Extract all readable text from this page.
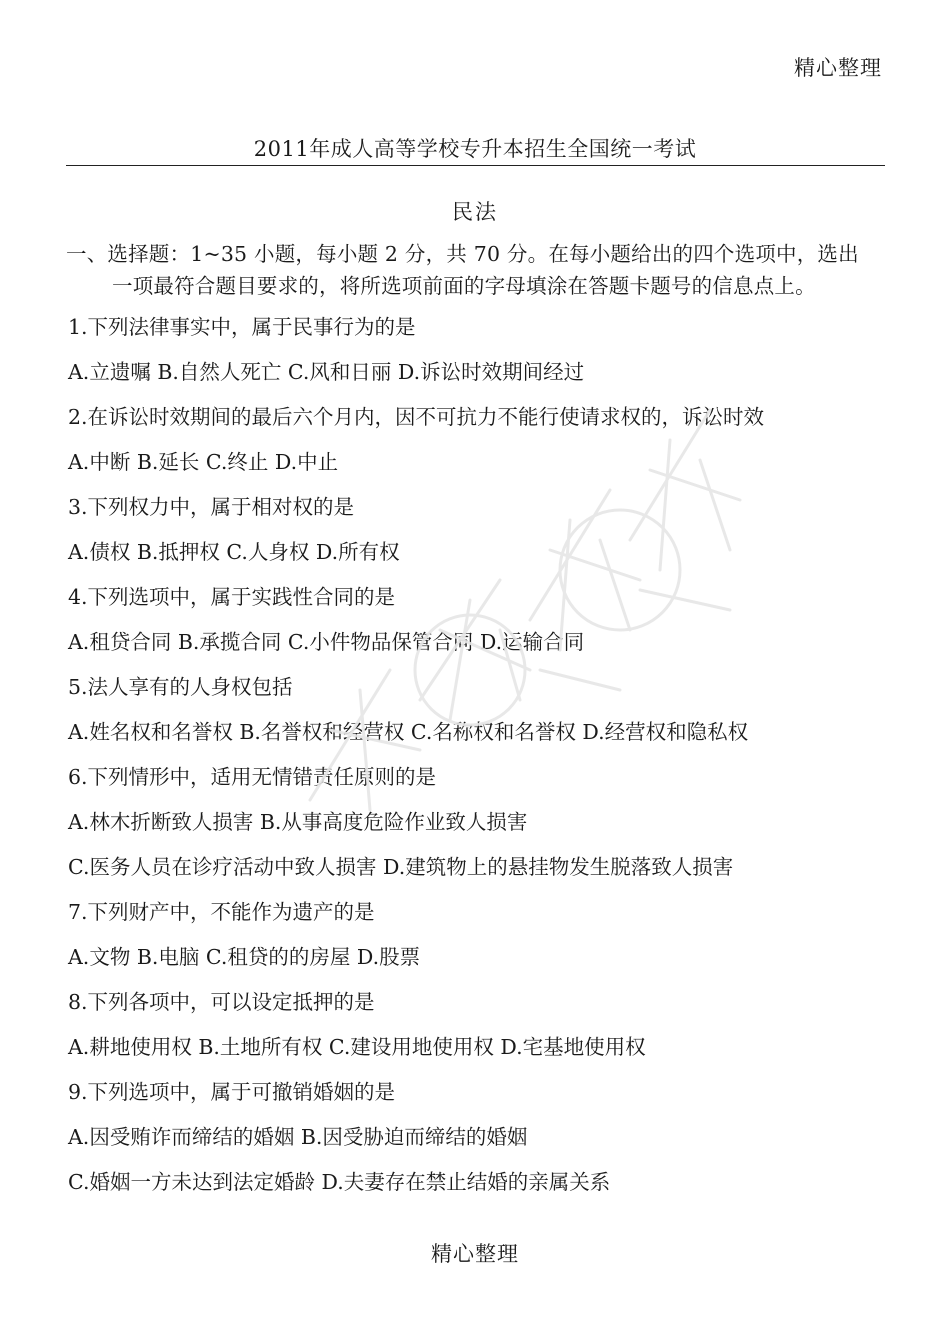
精心整理
2011年成人高等学校专升本招生全国统一考试
民法
一、选择题：1~35 小题，每小题 2 分，共 70 分。在每小题给出的四个选项中，选出
一项最符合题目要求的，将所选项前面的字母填涂在答题卡题号的信息点上。
1.下列法律事实中，属于民事行为的是
A.立遗嘱 B.自然人死亡 C.风和日丽 D.诉讼时效期间经过
2.在诉讼时效期间的最后六个月内，因不可抗力不能行使请求权的，诉讼时效
A.中断 B.延长 C.终止 D.中止
3.下列权力中，属于相对权的是
A.债权 B.抵押权 C.人身权 D.所有权
4.下列选项中，属于实践性合同的是
A.租贷合同 B.承揽合同 C.小件物品保管合同 D.运输合同
5.法人享有的人身权包括
A.姓名权和名誉权 B.名誉权和经营权 C.名称权和名誉权 D.经营权和隐私权
6.下列情形中，适用无情错责任原则的是
A.林木折断致人损害 B.从事高度危险作业致人损害
C.医务人员在诊疗活动中致人损害 D.建筑物上的悬挂物发生脱落致人损害
7.下列财产中，不能作为遗产的是
A.文物 B.电脑 C.租贷的的房屋 D.股票
8.下列各项中，可以设定抵押的是
A.耕地使用权 B.土地所有权 C.建设用地使用权 D.宅基地使用权
9.下列选项中，属于可撤销婚姻的是
A.因受贿诈而缔结的婚姻 B.因受胁迫而缔结的婚姻
C.婚姻一方未达到法定婚龄 D.夫妻存在禁止结婚的亲属关系
精心整理
